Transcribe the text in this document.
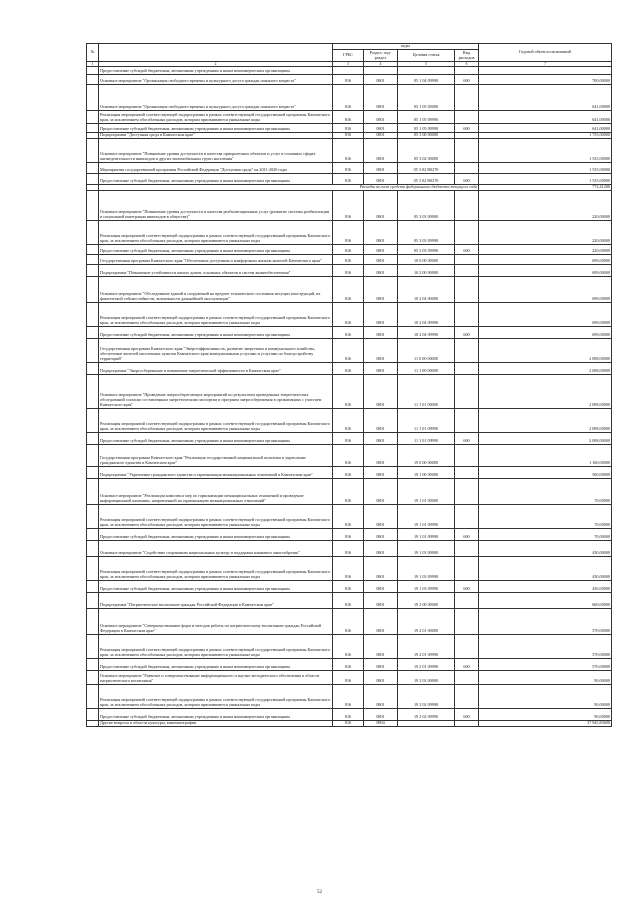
№		коды				Годовой объем ассигнований
		ГРБС	Раздел, под-раздел	Целевая статья	Вид расходов	
1	2	3	4	5	6	7
	Предоставление субсидий бюджетным, автономным учреждениям и иным некоммерческим организациям					
	Основное мероприятие "Организация свободного времени и культурного досуга граждан пожилого возраста"	816	0801	05 1 04 09990	600	700,00000
	Основное мероприятие "Организация свободного времени и культурного досуга граждан пожилого возраста"	816	0801	05 1 05 00000		641,00000
	Реализация мероприятий соответствующей подпрограммы в рамках соответствующей государственной программы Камчатского края, за исключением обособленных расходов, которым присваиваются уникальные коды	816	0801	05 1 05 09990		641,00000
	Предоставление субсидий бюджетным, автономным учреждениям и иным некоммерческим организациям	816	0801	05 1 05 09990	600	641,00000
	Подпрограмма "Доступная среда в Камчатском крае"	816	0801	05 3 00 00000		1 755,00000
	Основное мероприятие "Повышение уровня доступности и качества приоритетных объектов и услуг в основных сферах жизнедеятельности инвалидов и других маломобильных групп населения"	816	0801	05 3 02 00000		1 535,00000
	Мероприятия государственной программы Российской Федерации "Доступная среда" на 2011-2020 годы	816	0801	05 3 02 R0270		1 535,00000
	Предоставление субсидий бюджетным, автономным учреждениям и иным некоммерческим организациям	816	0801	05 3 02 R0270	600	1 535,00000
	Расходы за счет средств федерального бюджета текущего года					772,41200
	Основное мероприятие "Повышение уровня доступности и качества реабилитационных услуг (развитие системы реабилитации и социальной интеграции инвалидов в обществе)"	816	0801	05 3 03 00000		220,00000
	Реализация мероприятий соответствующей подпрограммы в рамках соответствующей государственной программы Камчатского края, за исключением обособленных расходов, которым присваиваются уникальные коды	816	0801	05 3 03 09990		220,00000
	Предоставление субсидий бюджетным, автономным учреждениям и иным некоммерческим организациям	816	0801	05 3 03 09990	600	220,00000
	Государственная программа Камчатского края "Обеспечение доступным и комфортным жильем жителей Камчатского края"	816	0801	10 0 00 00000		699,00000
	Подпрограмма "Повышение устойчивости жилых домов, основных объектов и систем жизнеобеспечения"	816	0801	10 2 00 00000		699,00000
	Основное мероприятие "Обследование зданий и сооружений на предмет технического состояния несущих конструкций, их фактической сейсмостойкости, возможности дальнейшей эксплуатации"	816	0801	10 2 04 00000		699,00000
	Реализация мероприятий соответствующей подпрограммы в рамках соответствующей государственной программы Камчатского края, за исключением обособленных расходов, которым присваиваются уникальные коды	816	0801	10 2 04 09990		699,00000
	Предоставление субсидий бюджетным, автономным учреждениям и иным некоммерческим организациям	816	0801	10 2 04 09990	600	699,00000
	Государственная программа Камчатского края "Энергоэффективность, развитие энергетики и коммунального хозяйства, обеспечение жителей населенных пунктов Камчатского края коммунальными услугами и услугами по благоустройству территорий"	816	0801	11 0 00 00000		2 008,00000
	Подпрограмма "Энергосбережение и повышение энергетической эффективности в Камчатском крае"	816	0801	11 1 00 00000		2 008,00000
	Основное мероприятие "Проведение энергосберегающих мероприятий по результатам проведенных энергетических обследований согласно составленным энергетическим паспортам и программ энергосбережения в организациях с участием Камчатского края"	816	0801	11 1 01 00000		2 008,00000
	Реализация мероприятий соответствующей подпрограммы в рамках соответствующей государственной программы Камчатского края, за исключением обособленных расходов, которым присваиваются уникальные коды	816	0801	11 1 01 09990		2 008,00000
	Предоставление субсидий бюджетным, автономным учреждениям и иным некоммерческим организациям	816	0801	11 1 01 09990	600	2 008,00000
	Государственная программа Камчатского края "Реализация государственной национальной политики и укрепление гражданского единства в Камчатском крае"	816	0801	19 0 00 00000		1 160,00000
	Подпрограмма "Укрепление гражданского единства и гармонизация межнациональных отношений в Камчатском крае"	816	0801	19 1 00 00000		500,00000
	Основное мероприятие "Реализация комплекса мер по гармонизации межнациональных отношений и проведение информационной кампании, направленной на гармонизацию межнациональных отношений"	816	0801	19 1 01 00000		70,00000
	Реализация мероприятий соответствующей подпрограммы в рамках соответствующей государственной программы Камчатского края, за исключением обособленных расходов, которым присваиваются уникальные коды	816	0801	19 1 01 09990		70,00000
	Предоставление субсидий бюджетным, автономным учреждениям и иным некоммерческим организациям	816	0801	19 1 01 09990	600	70,00000
	Основное мероприятие "Содействие сохранению национальных культур и поддержка языкового многообразия"	816	0801	19 1 03 00000		430,00000
	Реализация мероприятий соответствующей подпрограммы в рамках соответствующей государственной программы Камчатского края, за исключением обособленных расходов, которым присваиваются уникальные коды	816	0801	19 1 03 09990		430,00000
	Предоставление субсидий бюджетным, автономным учреждениям и иным некоммерческим организациям	816	0801	19 1 03 09990	600	430,00000
	Подпрограмма "Патриотическое воспитание граждан Российской Федерации в Камчатском крае"	816	0801	19 2 00 00000		660,00000
	Основное мероприятие "Совершенствование форм и методов работы по патриотическому воспитанию граждан Российской Федерации в Камчатском крае"	816	0801	19 2 01 00000		570,00000
	Реализация мероприятий соответствующей подпрограммы в рамках соответствующей государственной программы Камчатского края, за исключением обособленных расходов, которым присваиваются уникальные коды	816	0801	19 2 01 09990		570,00000
	Предоставление субсидий бюджетным, автономным учреждениям и иным некоммерческим организациям	816	0801	19 2 01 09990	600	570,00000
	Основное мероприятие "Развитие и совершенствование информационного и научно-методического обеспечения в области патриотического воспитания"	816	0801	19 2 02 00000		90,00000
	Реализация мероприятий соответствующей подпрограммы в рамках соответствующей государственной программы Камчатского края, за исключением обособленных расходов, которым присваиваются уникальные коды	816	0801	19 2 02 09990		90,00000
	Предоставление субсидий бюджетным, автономным учреждениям и иным некоммерческим организациям	816	0801	19 2 02 09990	600	90,00000
	Другие вопросы в области культуры, кинематографии	816	0804			37 945,83600
52
